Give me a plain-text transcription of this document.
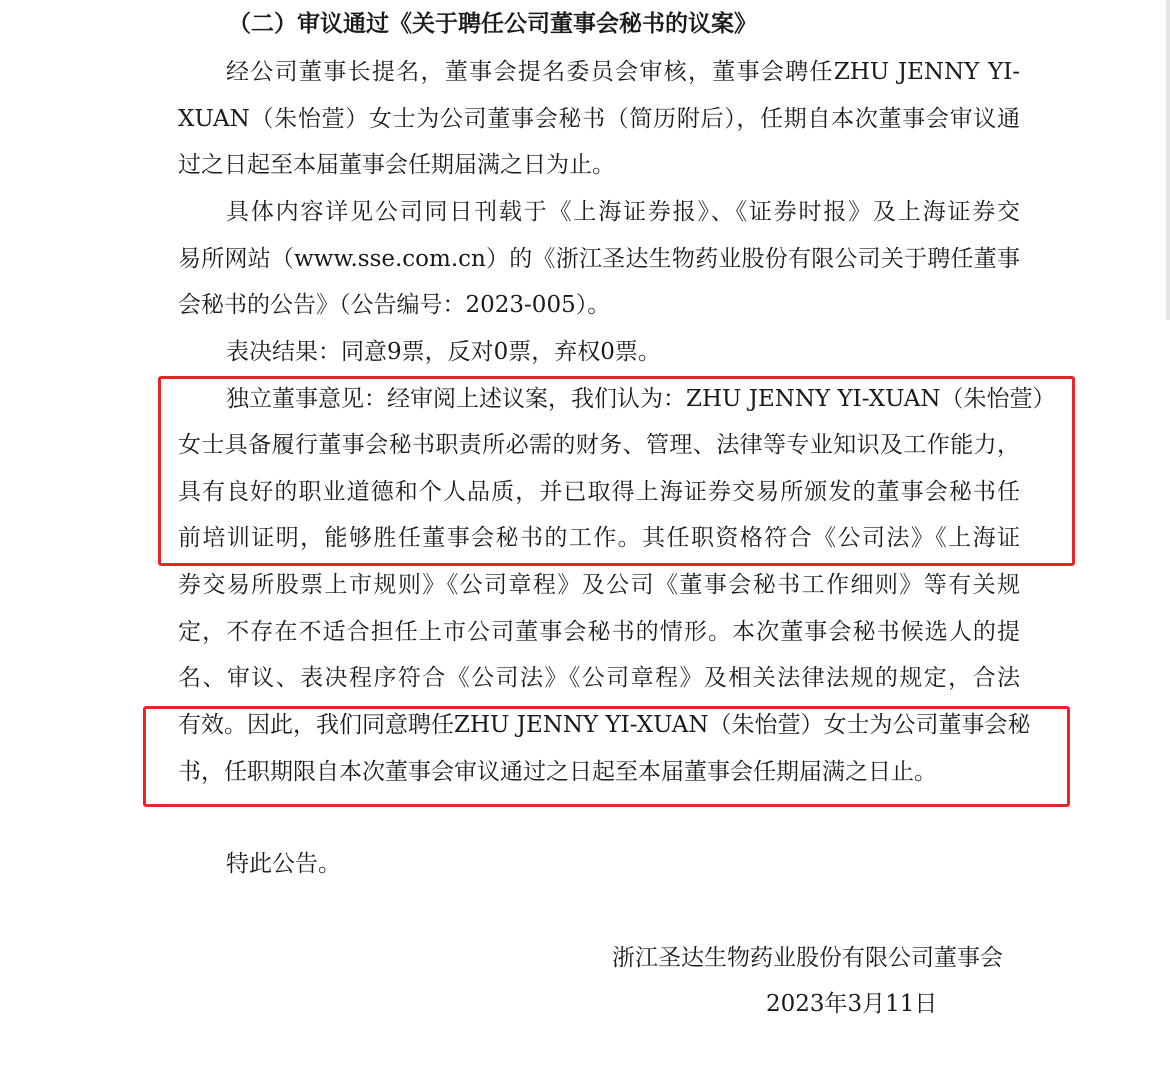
（二）审议通过《关于聘任公司董事会秘书的议案》
经公司董事长提名，董事会提名委员会审核，董事会聘任ZHU JENNY YI-
XUAN（朱怡萱）女士为公司董事会秘书（简历附后），任期自本次董事会审议通
过之日起至本届董事会任期届满之日为止。
具体内容详见公司同日刊载于《上海证券报》、《证券时报》及上海证券交
易所网站（www.sse.com.cn）的《浙江圣达生物药业股份有限公司关于聘任董事
会秘书的公告》（公告编号：2023-005）。
表决结果：同意9票，反对0票，弃权0票。
独立董事意见：经审阅上述议案，我们认为：ZHU JENNY YI-XUAN（朱怡萱）
女士具备履行董事会秘书职责所必需的财务、管理、法律等专业知识及工作能力，
具有良好的职业道德和个人品质，并已取得上海证券交易所颁发的董事会秘书任
前培训证明，能够胜任董事会秘书的工作。其任职资格符合《公司法》《上海证
券交易所股票上市规则》《公司章程》及公司《董事会秘书工作细则》等有关规
定，不存在不适合担任上市公司董事会秘书的情形。本次董事会秘书候选人的提
名、审议、表决程序符合《公司法》《公司章程》及相关法律法规的规定，合法
有效。因此，我们同意聘任ZHU JENNY YI-XUAN（朱怡萱）女士为公司董事会秘
书，任职期限自本次董事会审议通过之日起至本届董事会任期届满之日止。
特此公告。
浙江圣达生物药业股份有限公司董事会
2023年3月11日
